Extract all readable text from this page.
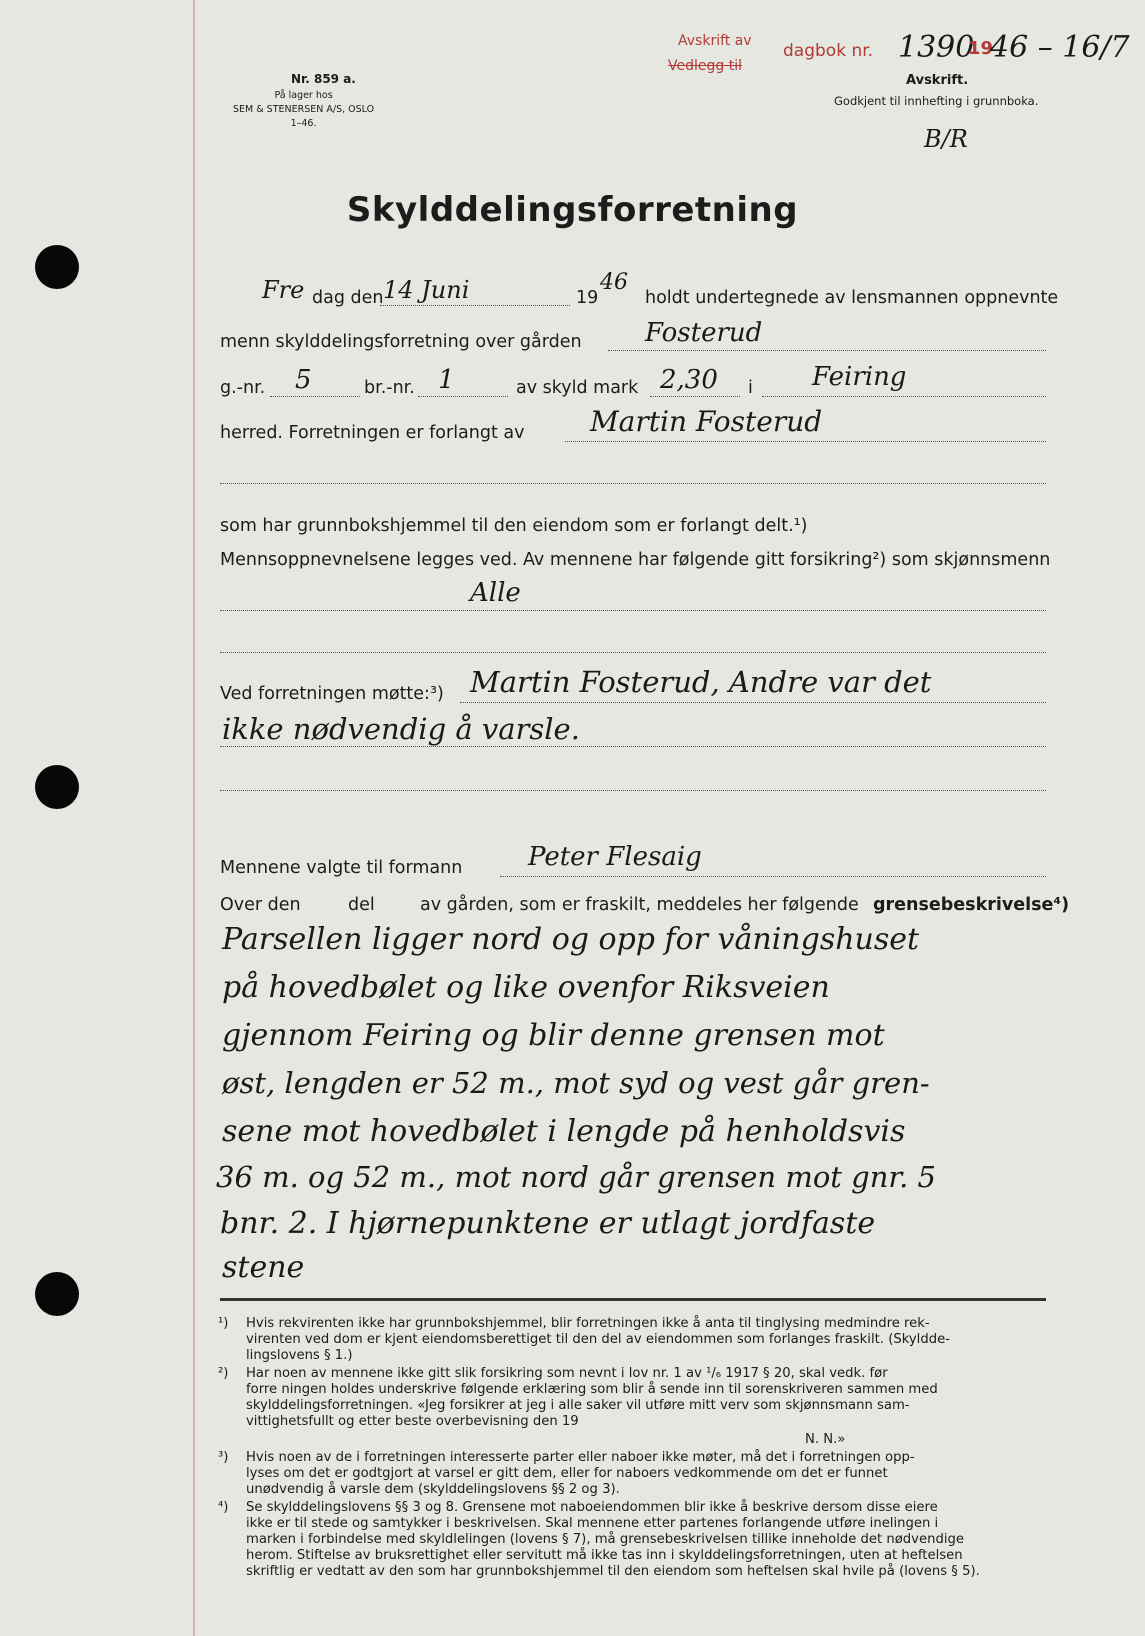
Nr. 859 a.
På lager hos
SEM & STENERSEN A/S, OSLO
1–46.
Avskrift av
Vedlegg til
dagbok nr. 1390
19
46 – 16/7
Avskrift.
Godkjent til innhefting i grunnboka.
B/R
Skylddelingsforretning
Fre dag den 14 Juni	19
46
holdt undertegnede av lensmannen oppnevnte
menn skylddelingsforretning over gården Fosterud
g.-nr. 5	br.-nr. 1	av skyld mark 2,30 i Feiring
herred. Forretningen er forlangt av Martin Fosterud
som har grunnbokshjemmel til den eiendom som er forlangt delt.¹)
Mennsoppnevnelsene legges ved. Av mennene har følgende gitt forsikring²) som skjønnsmenn
Alle
Ved forretningen møtte:³) Martin Fosterud, Andre var det
ikke nødvendig å varsle.
Mennene valgte til formann	Peter Flesaig
Over den	del	av gården, som er fraskilt, meddeles her følgende grensebeskrivelse⁴)
Parsellen ligger nord og opp for våningshuset
på hovedbølet og like ovenfor Riksveien
gjennom Feiring og blir denne grensen mot
øst, lengden er 52 m., mot syd og vest går gren-
sene mot hovedbølet i lengde på henholdsvis
36 m. og 52 m., mot nord går grensen mot gnr. 5
bnr. 2. I hjørnepunktene er utlagt jordfaste
stene
¹) Hvis rekvirenten ikke har grunnbokshjemmel, blir forretningen ikke å anta til tinglysing medmindre rek-
virenten ved dom er kjent eiendomsberettiget til den del av eiendommen som forlanges fraskilt. (Skyldde-
lingslovens § 1.)
²) Har noen av mennene ikke gitt slik forsikring som nevnt i lov nr. 1 av ¹/₆ 1917 § 20, skal vedk. før
forre ningen holdes underskrive følgende erklæring som blir å sende inn til sorenskriveren sammen med
skylddelingsforretningen. «Jeg forsikrer at jeg i alle saker vil utføre mitt verv som skjønnsmann sam-
vittighetsfullt og etter beste overbevisning den 19
N. N.»
³) Hvis noen av de i forretningen interesserte parter eller naboer ikke møter, må det i forretningen opp-
lyses om det er godtgjort at varsel er gitt dem, eller for naboers vedkommende om det er funnet
unødvendig å varsle dem (skylddelingslovens §§ 2 og 3).
⁴) Se skylddelingslovens §§ 3 og 8. Grensene mot naboeiendommen blir ikke å beskrive dersom disse eiere
ikke er til stede og samtykker i beskrivelsen. Skal mennene etter partenes forlangende utføre inelingen i
marken i forbindelse med skyldlelingen (lovens § 7), må grensebeskrivelsen tillike inneholde det nødvendige
herom. Stiftelse av bruksrettighet eller servitutt må ikke tas inn i skylddelingsforretningen, uten at heftelsen
skriftlig er vedtatt av den som har grunnbokshjemmel til den eiendom som heftelsen skal hvile på (lovens § 5).
